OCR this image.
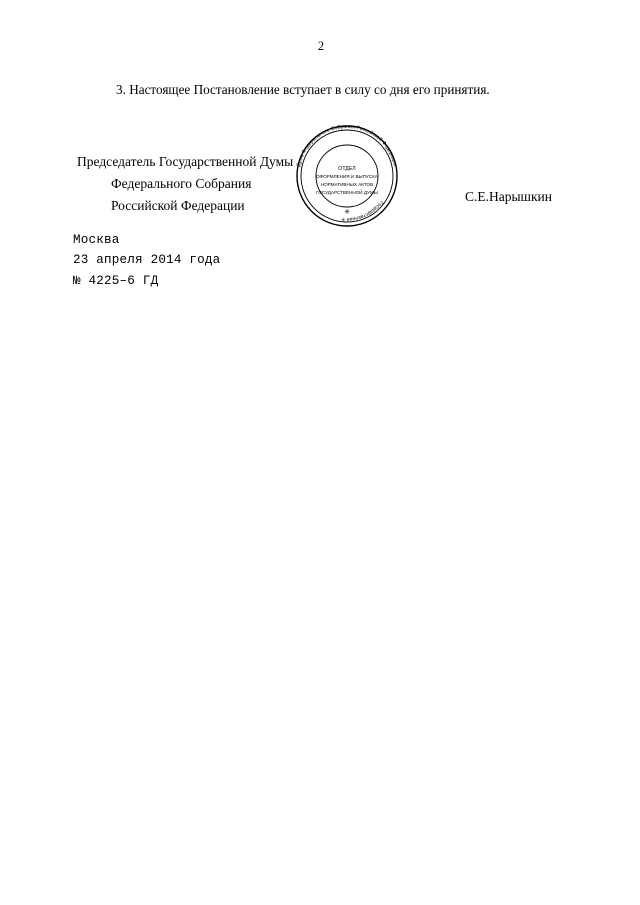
2
3. Настоящее Постановление вступает в силу со дня его принятия.

Председатель Государственной Думы

Федерального Собрания

Российской Федерации

С.Е.Нарышкин

Москва

23 апреля 2014 года

№ 4225–6 ГД

Дума Федерального Собрания Российской Федерации
Государственная ✳
ОТДЕЛ
ОФОРМЛЕНИЯ И ВЫПУСКА
НОРМАТИВНЫХ АКТОВ
ГОСУДАРСТВЕННОЙ ДУМЫ
✳
